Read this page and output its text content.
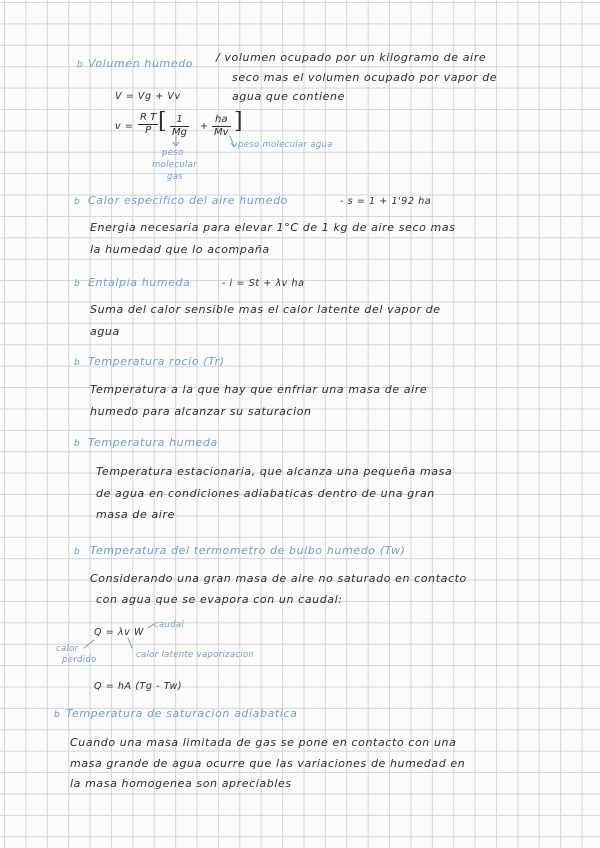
b Volumen humedo / volumen ocupado por un kilogramo de aire
seco mas el volumen ocupado por vapor de
agua que contiene
V = Vg + Vv
$v = \frac{\text{R T}}{P}$ [ $\frac{1}{Mg} + \frac{ha}{Mv}$ ]
peso
molecular
gas
peso molecular agua
b Calor especifico del aire humedo	- s = 1 + 1'92 ha
Energia necesaria para elevar 1°C de 1 kg de aire seco mas
la humedad que lo acompaña
b Entalpia humeda	- i = St + λv ha
Suma del calor sensible mas el calor latente del vapor de
agua
b Temperatura rocio (Tr)
Temperatura a la que hay que enfriar una masa de aire
humedo para alcanzar su saturacion
b Temperatura humeda
Temperatura estacionaria, que alcanza una pequeña masa
de agua en condiciones adiabaticas dentro de una gran
masa de aire
b Temperatura del termometro de bulbo humedo (Tw)
Considerando una gran masa de aire no saturado en contacto
con agua que se evapora con un caudal:
Q = λv W
caudal
calor
perdido	calor latente vaporizacion
Q = hA (Tg - Tw)
b Temperatura de saturacion adiabatica
Cuando una masa limitada de gas se pone en contacto con una
masa grande de agua ocurre que las variaciones de humedad en
la masa homogenea son apreciables
